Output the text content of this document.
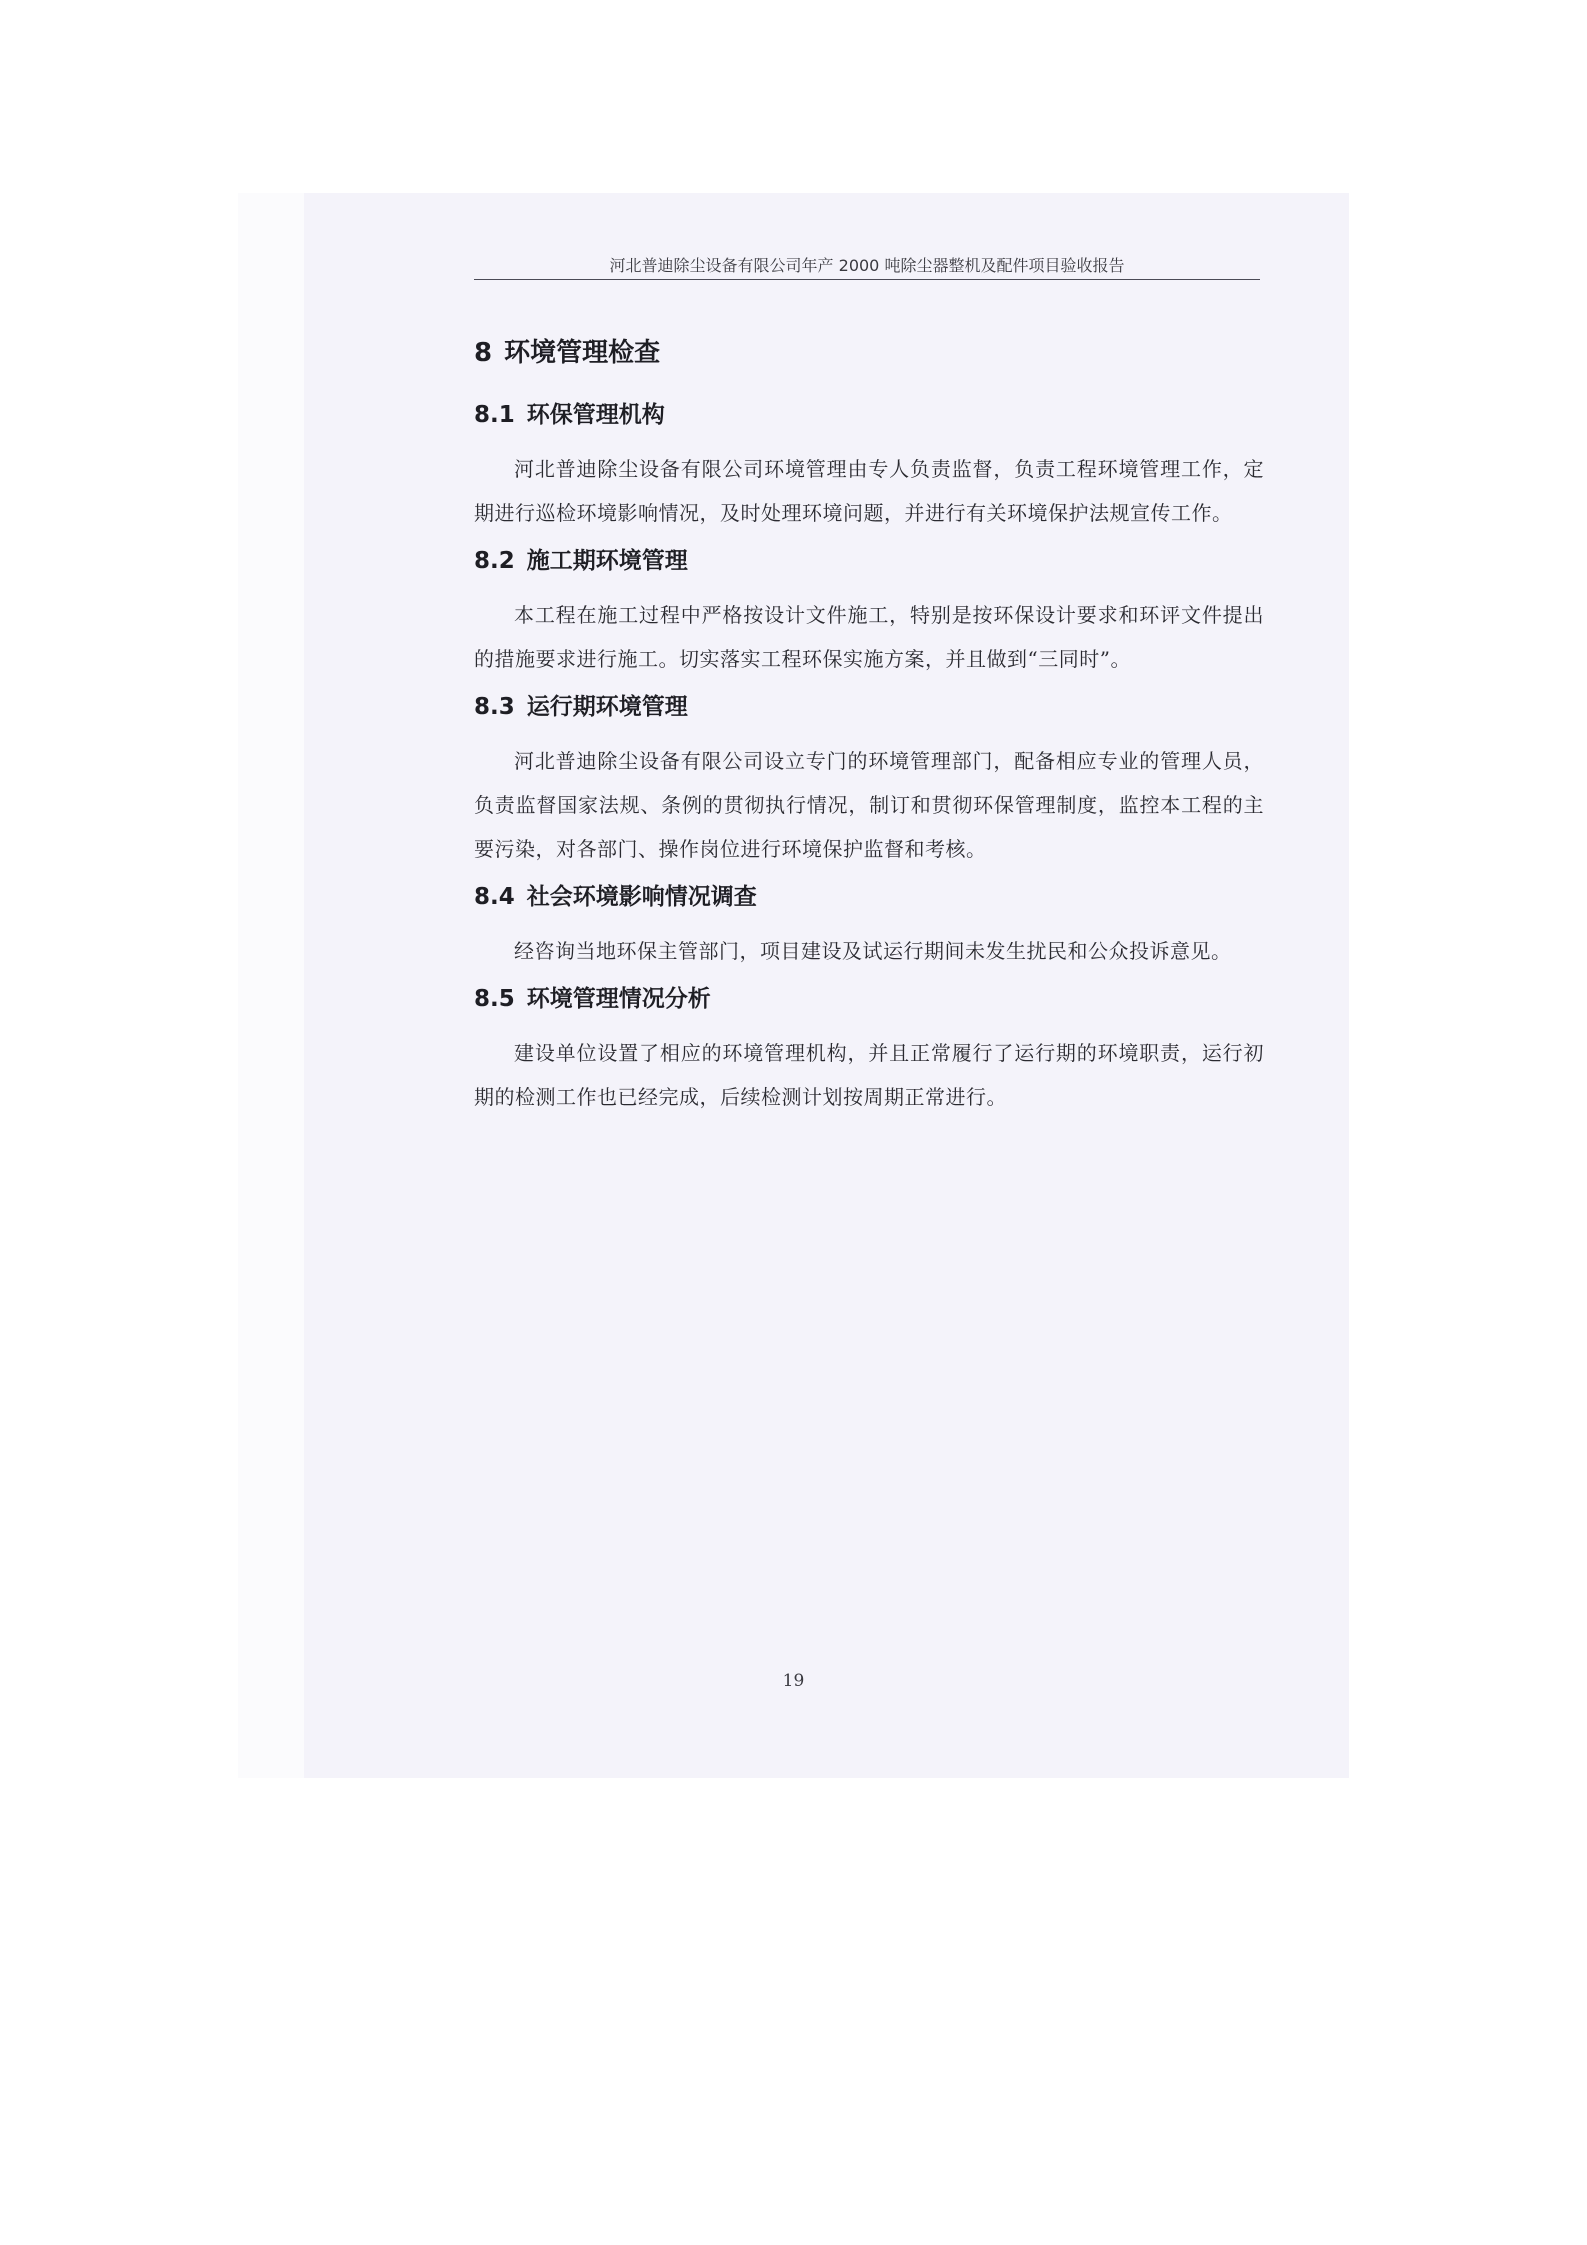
河北普迪除尘设备有限公司年产 2000 吨除尘器整机及配件项目验收报告
8 环境管理检查
8.1 环保管理机构

河北普迪除尘设备有限公司环境管理由专人负责监督，负责工程环境管理工作，定期进行巡检环境影响情况，及时处理环境问题，并进行有关环境保护法规宣传工作。

8.2 施工期环境管理

本工程在施工过程中严格按设计文件施工，特别是按环保设计要求和环评文件提出的措施要求进行施工。切实落实工程环保实施方案，并且做到“三同时”。

8.3 运行期环境管理

河北普迪除尘设备有限公司设立专门的环境管理部门，配备相应专业的管理人员，负责监督国家法规、条例的贯彻执行情况，制订和贯彻环保管理制度，监控本工程的主要污染，对各部门、操作岗位进行环境保护监督和考核。

8.4 社会环境影响情况调查

经咨询当地环保主管部门，项目建设及试运行期间未发生扰民和公众投诉意见。

8.5 环境管理情况分析

建设单位设置了相应的环境管理机构，并且正常履行了运行期的环境职责，运行初期的检测工作也已经完成，后续检测计划按周期正常进行。

19
